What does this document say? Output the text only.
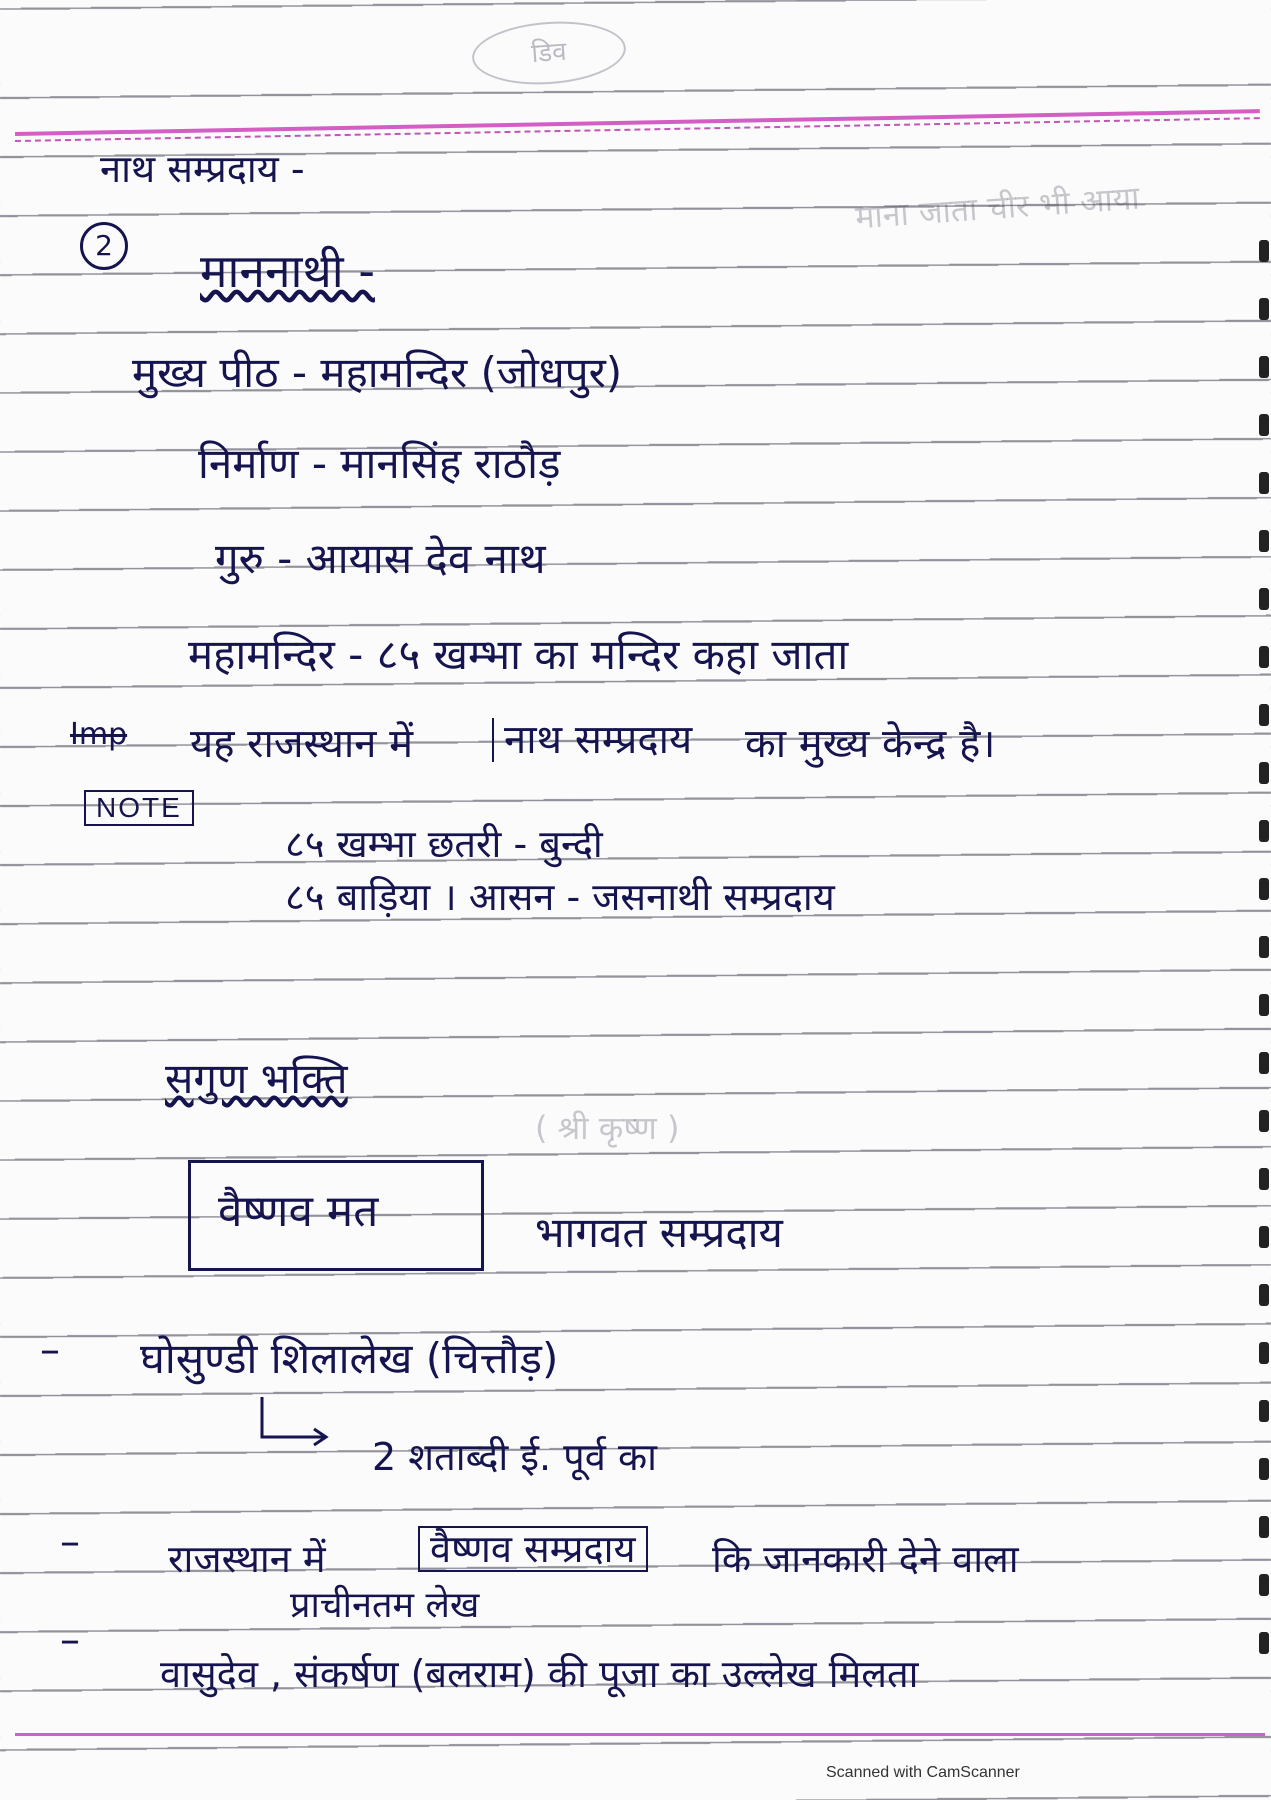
डिव
नाथ सम्प्रदाय -
2
माना जाता चीर भी आया
माननाथी -
मुख्य पीठ - महामन्दिर (जोधपुर)
निर्माण - मानसिंह राठौड़
गुरु - आयास देव नाथ
महामन्दिर - ८५ खम्भा का मन्दिर कहा जाता
Imp यह राजस्थान में	नाथ सम्प्रदाय का मुख्य केन्द्र है।
NOTE
८५ खम्भा छतरी - बुन्दी
८५ बाड़िया । आसन - जसनाथी सम्प्रदाय
सगुण भक्ति
( श्री कृष्ण )
वैष्णव मत	भागवत सम्प्रदाय
– घोसुण्डी शिलालेख (चित्तौड़)
2 शताब्दी ई. पूर्व का
– राजस्थान में	वैष्णव सम्प्रदाय	कि जानकारी देने वाला
प्राचीनतम लेख
–
वासुदेव , संकर्षण (बलराम) की पूजा का उल्लेख मिलता
Scanned with CamScanner
